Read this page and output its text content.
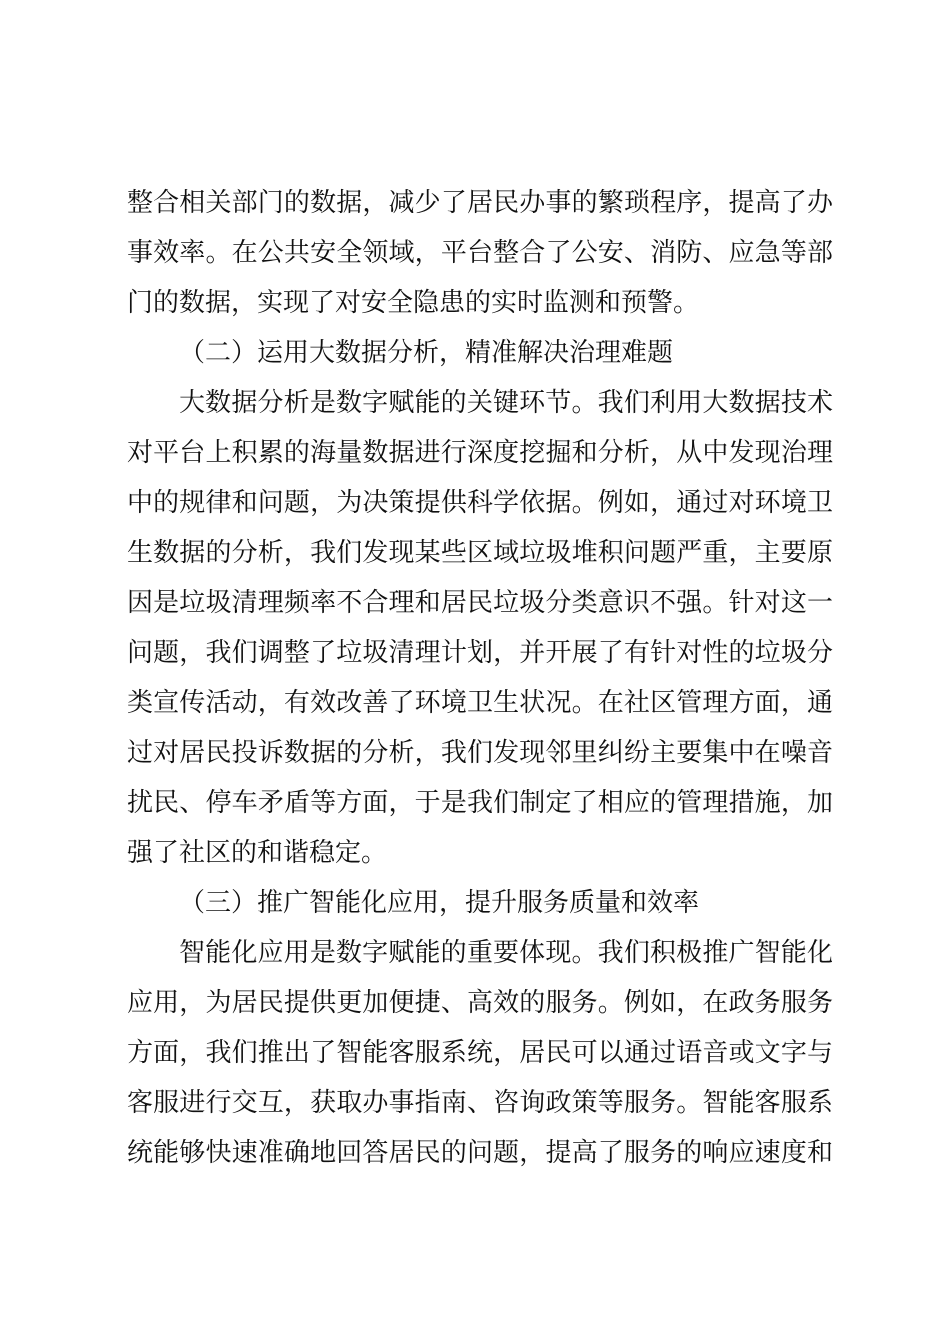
整合相关部门的数据，减少了居民办事的繁琐程序，提高了办
事效率。在公共安全领域，平台整合了公安、消防、应急等部
门的数据，实现了对安全隐患的实时监测和预警。
（二）运用大数据分析，精准解决治理难题
大数据分析是数字赋能的关键环节。我们利用大数据技术
对平台上积累的海量数据进行深度挖掘和分析，从中发现治理
中的规律和问题，为决策提供科学依据。例如，通过对环境卫
生数据的分析，我们发现某些区域垃圾堆积问题严重，主要原
因是垃圾清理频率不合理和居民垃圾分类意识不强。针对这一
问题，我们调整了垃圾清理计划，并开展了有针对性的垃圾分
类宣传活动，有效改善了环境卫生状况。在社区管理方面，通
过对居民投诉数据的分析，我们发现邻里纠纷主要集中在噪音
扰民、停车矛盾等方面，于是我们制定了相应的管理措施，加
强了社区的和谐稳定。
（三）推广智能化应用，提升服务质量和效率
智能化应用是数字赋能的重要体现。我们积极推广智能化
应用，为居民提供更加便捷、高效的服务。例如，在政务服务
方面，我们推出了智能客服系统，居民可以通过语音或文字与
客服进行交互，获取办事指南、咨询政策等服务。智能客服系
统能够快速准确地回答居民的问题，提高了服务的响应速度和
